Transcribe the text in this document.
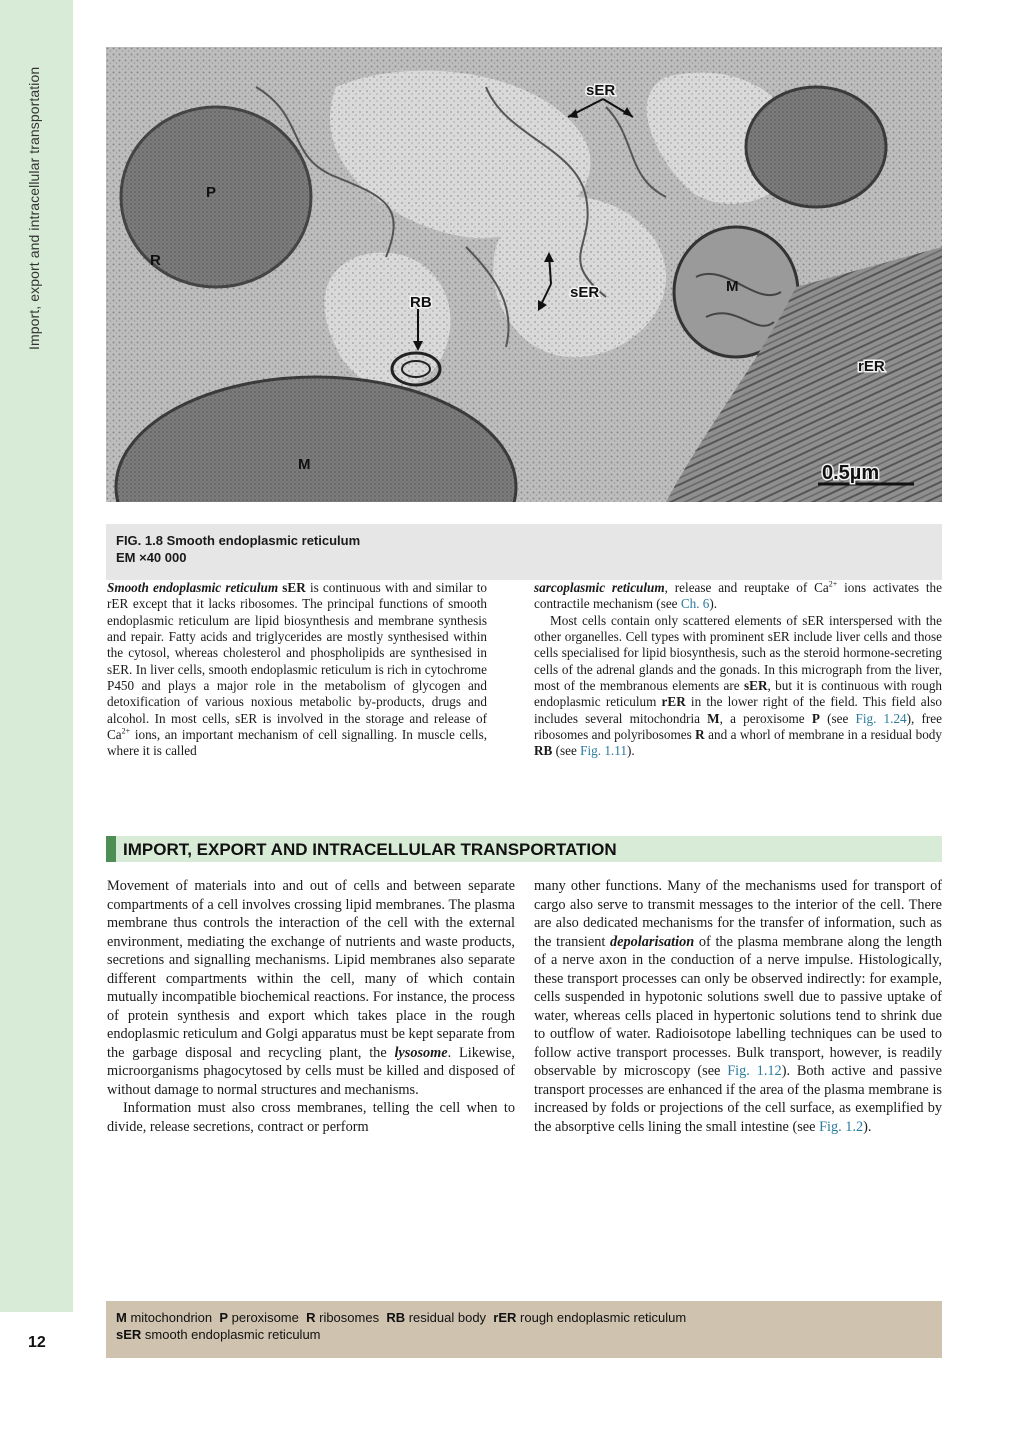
Import, export and intracellular transportation
12
sER
sER
P
R
RB
M
M
rER
0.5µm
FIG. 1.8 Smooth endoplasmic reticulum
EM ×40 000

Smooth endoplasmic reticulum sER is continuous with and similar to rER except that it lacks ribosomes. The principal functions of smooth endoplasmic reticulum are lipid biosynthesis and membrane synthesis and repair. Fatty acids and triglycerides are mostly synthesised within the cytosol, whereas cholesterol and phospholipids are synthesised in sER. In liver cells, smooth endoplasmic reticulum is rich in cytochrome P450 and plays a major role in the metabolism of glycogen and detoxification of various noxious metabolic by-products, drugs and alcohol. In most cells, sER is involved in the storage and release of $Ca^{2+}$ ions, an important mechanism of cell signalling. In muscle cells, where it is called

sarcoplasmic reticulum, release and reuptake of $Ca^{2+}$ ions activates the contractile mechanism (see Ch. 6).

Most cells contain only scattered elements of sER interspersed with the other organelles. Cell types with prominent sER include liver cells and those cells specialised for lipid biosynthesis, such as the steroid hormone-secreting cells of the adrenal glands and the gonads. In this micrograph from the liver, most of the membranous elements are sER, but it is continuous with rough endoplasmic reticulum rER in the lower right of the field. This field also includes several mitochondria M, a peroxisome P (see Fig. 1.24), free ribosomes and polyribosomes R and a whorl of membrane in a residual body RB (see Fig. 1.11).

IMPORT, EXPORT AND INTRACELLULAR TRANSPORTATION

Movement of materials into and out of cells and between separate compartments of a cell involves crossing lipid membranes. The plasma membrane thus controls the interaction of the cell with the external environment, mediating the exchange of nutrients and waste products, secretions and signalling mechanisms. Lipid membranes also separate different compartments within the cell, many of which contain mutually incompatible biochemical reactions. For instance, the process of protein synthesis and export which takes place in the rough endoplasmic reticulum and Golgi apparatus must be kept separate from the garbage disposal and recycling plant, the lysosome. Likewise, microorganisms phagocytosed by cells must be killed and disposed of without damage to normal structures and mechanisms.

Information must also cross membranes, telling the cell when to divide, release secretions, contract or perform

many other functions. Many of the mechanisms used for transport of cargo also serve to transmit messages to the interior of the cell. There are also dedicated mechanisms for the transfer of information, such as the transient depolarisation of the plasma membrane along the length of a nerve axon in the conduction of a nerve impulse. Histologically, these transport processes can only be observed indirectly: for example, cells suspended in hypotonic solutions swell due to passive uptake of water, whereas cells placed in hypertonic solutions tend to shrink due to outflow of water. Radioisotope labelling techniques can be used to follow active transport processes. Bulk transport, however, is readily observable by microscopy (see Fig. 1.12). Both active and passive transport processes are enhanced if the area of the plasma membrane is increased by folds or projections of the cell surface, as exemplified by the absorptive cells lining the small intestine (see Fig. 1.2).

M mitochondrion P peroxisome R ribosomes RB residual body rER rough endoplasmic reticulum
sER smooth endoplasmic reticulum
